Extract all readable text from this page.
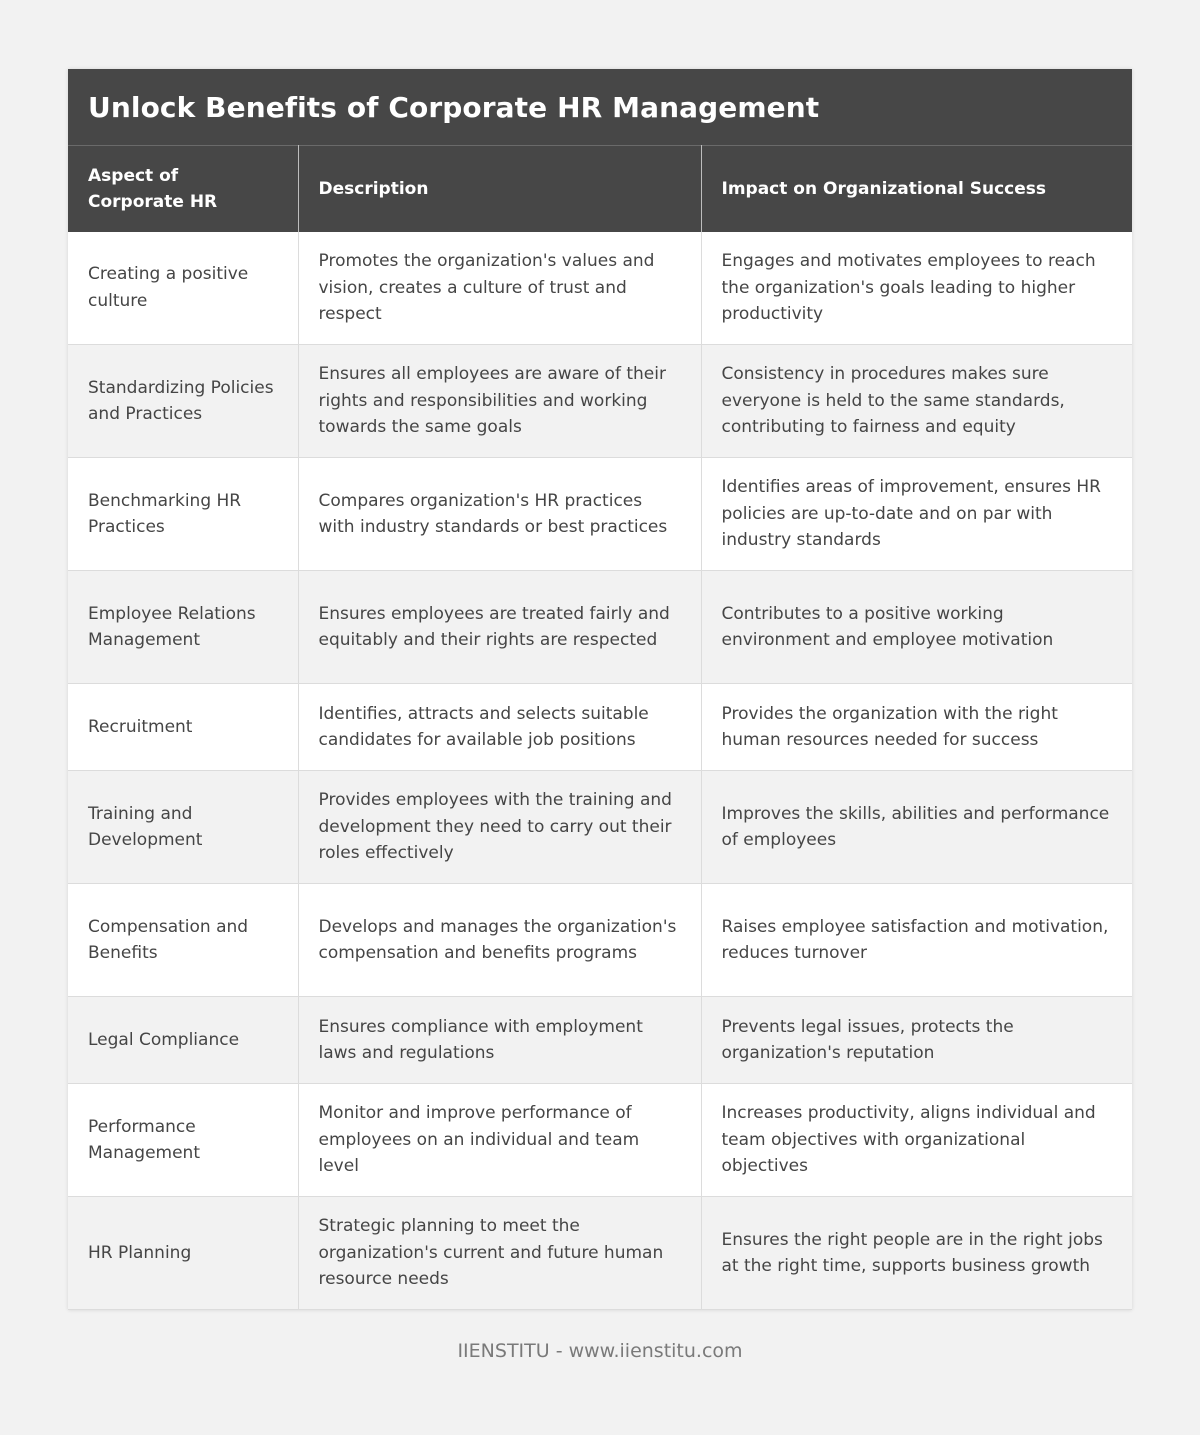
Unlock Benefits of Corporate HR Management
Aspect of Corporate HR	Description	Impact on Organizational Success
Creating a positive culture	Promotes the organization's values and vision, creates a culture of trust and respect	Engages and motivates employees to reach the organization's goals leading to higher productivity
Standardizing Policies and Practices	Ensures all employees are aware of their rights and responsibilities and working towards the same goals	Consistency in procedures makes sure everyone is held to the same standards, contributing to fairness and equity
Benchmarking HR Practices	Compares organization's HR practices with industry standards or best practices	Identifies areas of improvement, ensures HR policies are up-to-date and on par with industry standards
Employee Relations Management	Ensures employees are treated fairly and equitably and their rights are respected	Contributes to a positive working environment and employee motivation
Recruitment	Identifies, attracts and selects suitable candidates for available job positions	Provides the organization with the right human resources needed for success
Training and Development	Provides employees with the training and development they need to carry out their roles effectively	Improves the skills, abilities and performance of employees
Compensation and Benefits	Develops and manages the organization's compensation and benefits programs	Raises employee satisfaction and motivation, reduces turnover
Legal Compliance	Ensures compliance with employment laws and regulations	Prevents legal issues, protects the organization's reputation
Performance Management	Monitor and improve performance of employees on an individual and team level	Increases productivity, aligns individual and team objectives with organizational objectives
HR Planning	Strategic planning to meet the organization's current and future human resource needs	Ensures the right people are in the right jobs at the right time, supports business growth
IIENSTITU - www.iienstitu.com
